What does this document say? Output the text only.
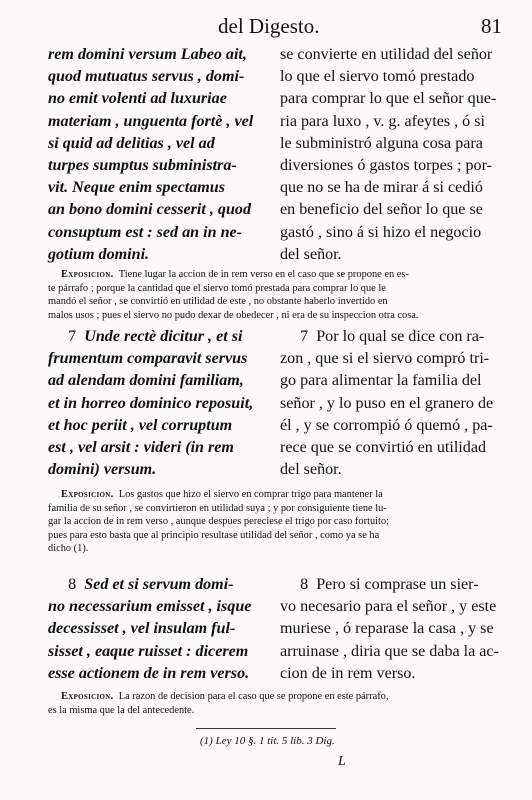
del Digesto.	81
rem domini versum Labeo ait,
quod mutuatus servus , domi-
no emit volenti ad luxuriae
materiam , unguenta fortè , vel
si quid ad delitias , vel ad
turpes sumptus subministra-
vit. Neque enim spectamus
an bono domini cesserit , quod
consuptum est : sed an in ne-
gotium domini.
se convierte en utilidad del señor
lo que el siervo tomó prestado
para comprar lo que el señor que-
ria para luxo , v. g. afeytes , ó si
le subministró alguna cosa para
diversiones ó gastos torpes ; por-
que no se ha de mirar á si cedió
en beneficio del señor lo que se
gastó , sino á si hizo el negocio
del señor.
Exposicion. Tiene lugar la accion de in rem verso en el caso que se propone en es-
te párrafo ; porque la cantidad que el siervo tomó prestada para comprar lo que le
mandó el señor , se convirtió en utilidad de este , no obstante haberlo invertido en
malos usos ; pues el siervo no pudo dexar de obedecer , ni era de su inspeccion otra cosa.
7 Unde rectè dicitur , et si
frumentum comparavit servus
ad alendam domini familiam,
et in horreo dominico reposuit,
et hoc periit , vel corruptum
est , vel arsit : videri (in rem
domini) versum.
7 Por lo qual se dice con ra-
zon , que si el siervo compró tri-
go para alimentar la familia del
señor , y lo puso en el granero de
él , y se corrompió ó quemó , pa-
rece que se convirtió en utilidad
del señor.
Exposicion. Los gastos que hizo el siervo en comprar trigo para mantener la
familia de su señor , se convirtieron en utilidad suya ; y por consiguiente tiene lu-
gar la accion de in rem verso , aunque despues pereciese el trigo por caso fortuito;
pues para esto basta que al principio resultase utilidad del señor , como ya se ha
dicho (1).
8 Sed et si servum domi-
no necessarium emisset , isque
decessisset , vel insulam ful-
sisset , eaque ruisset : dicerem
esse actionem de in rem verso.
8 Pero si comprase un sier-
vo necesario para el señor , y este
muriese , ó reparase la casa , y se
arruinase , diria que se daba la ac-
cion de in rem verso.
Exposicion. La razon de decision para el caso que se propone en este párrafo,
es la misma que la del antecedente.
(1) Ley 10 §. 1 tit. 5 lib. 3 Dig.
L
